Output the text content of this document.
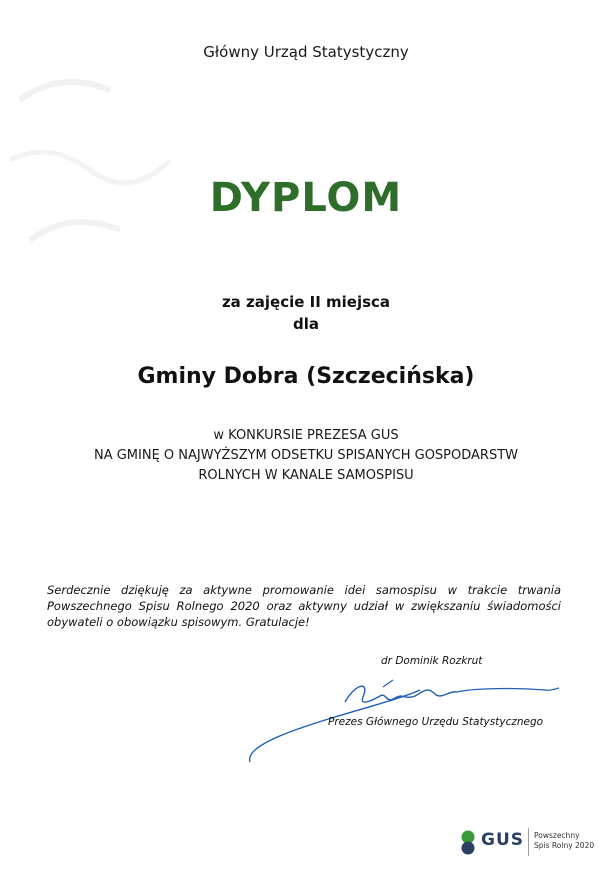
Główny Urząd Statystyczny
DYPLOM
za zajęcie II miejsca
dla
Gminy Dobra (Szczecińska)
w KONKURSIE PREZESA GUS
NA GMINĘ O NAJWYŻSZYM ODSETKU SPISANYCH GOSPODARSTW
ROLNYCH W KANALE SAMOSPISU
Serdecznie dziękuję za aktywne promowanie idei samospisu w trakcie trwania Powszechnego Spisu Rolnego 2020 oraz aktywny udział w zwiększaniu świadomości obywateli o obowiązku spisowym. Gratulacje!
dr Dominik Rozkrut
Prezes Głównego Urzędu Statystycznego
GUS Powszechny
Spis Rolny 2020
